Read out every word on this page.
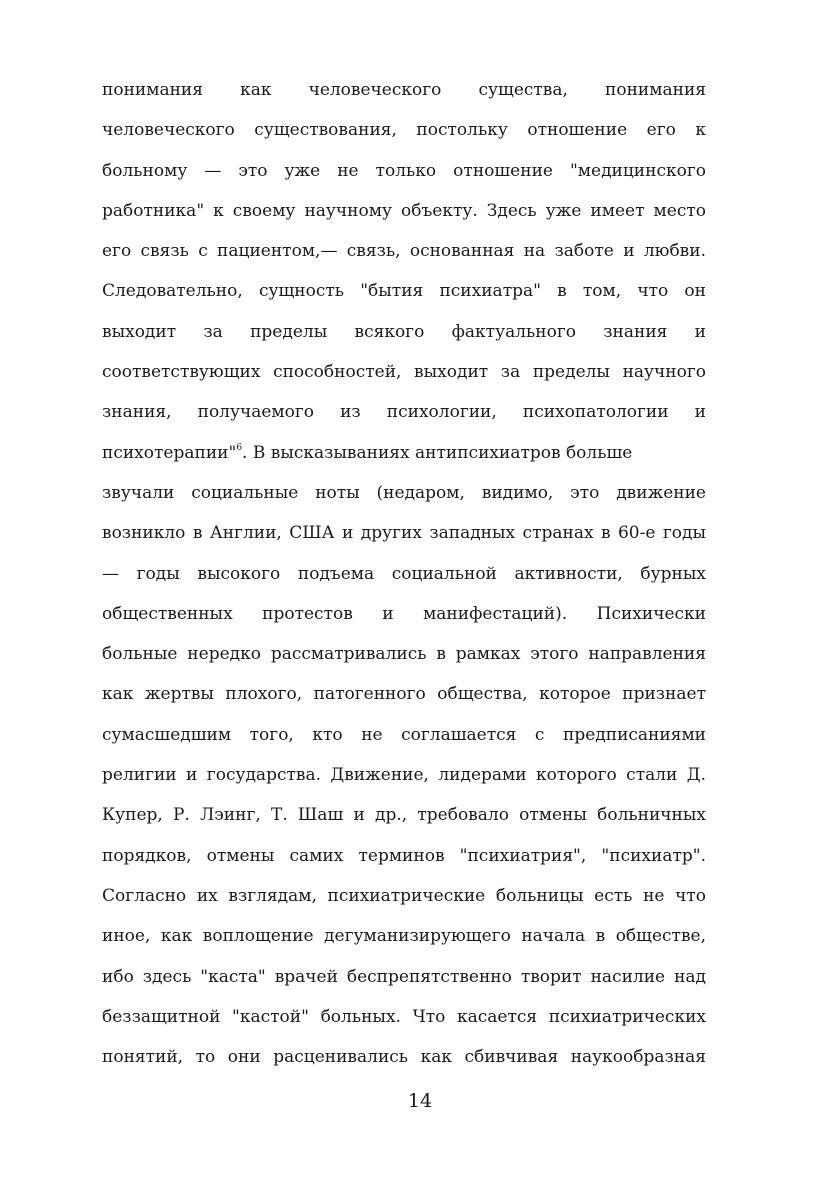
понимания как человеческого существа, понимания
человеческого существования, постольку отношение его к
больному — это уже не только отношение "медицинского
работника" к своему научному объекту. Здесь уже имеет место
его связь с пациентом,— связь, основанная на заботе и любви.
Следовательно, сущность "бытия психиатра" в том, что он
выходит за пределы всякого фактуального знания и
соответствующих способностей, выходит за пределы научного
знания, получаемого из психологии, психопатологии и
психотерапии"$^6$. В высказываниях антипсихиатров больше
звучали социальные ноты (недаром, видимо, это движение
возникло в Англии, США и других западных странах в 60-е годы
— годы высокого подъема социальной активности, бурных
общественных протестов и манифестаций). Психически
больные нередко рассматривались в рамках этого направления
как жертвы плохого, патогенного общества, которое признает
сумасшедшим того, кто не соглашается с предписаниями
религии и государства. Движение, лидерами которого стали Д.
Купер, Р. Лэинг, Т. Шаш и др., требовало отмены больничных
порядков, отмены самих терминов "психиатрия", "психиатр".
Согласно их взглядам, психиатрические больницы есть не что
иное, как воплощение дегуманизирующего начала в обществе,
ибо здесь "каста" врачей беспрепятственно творит насилие над
беззащитной "кастой" больных. Что касается психиатрических
понятий, то они расценивались как сбивчивая наукообразная
14
